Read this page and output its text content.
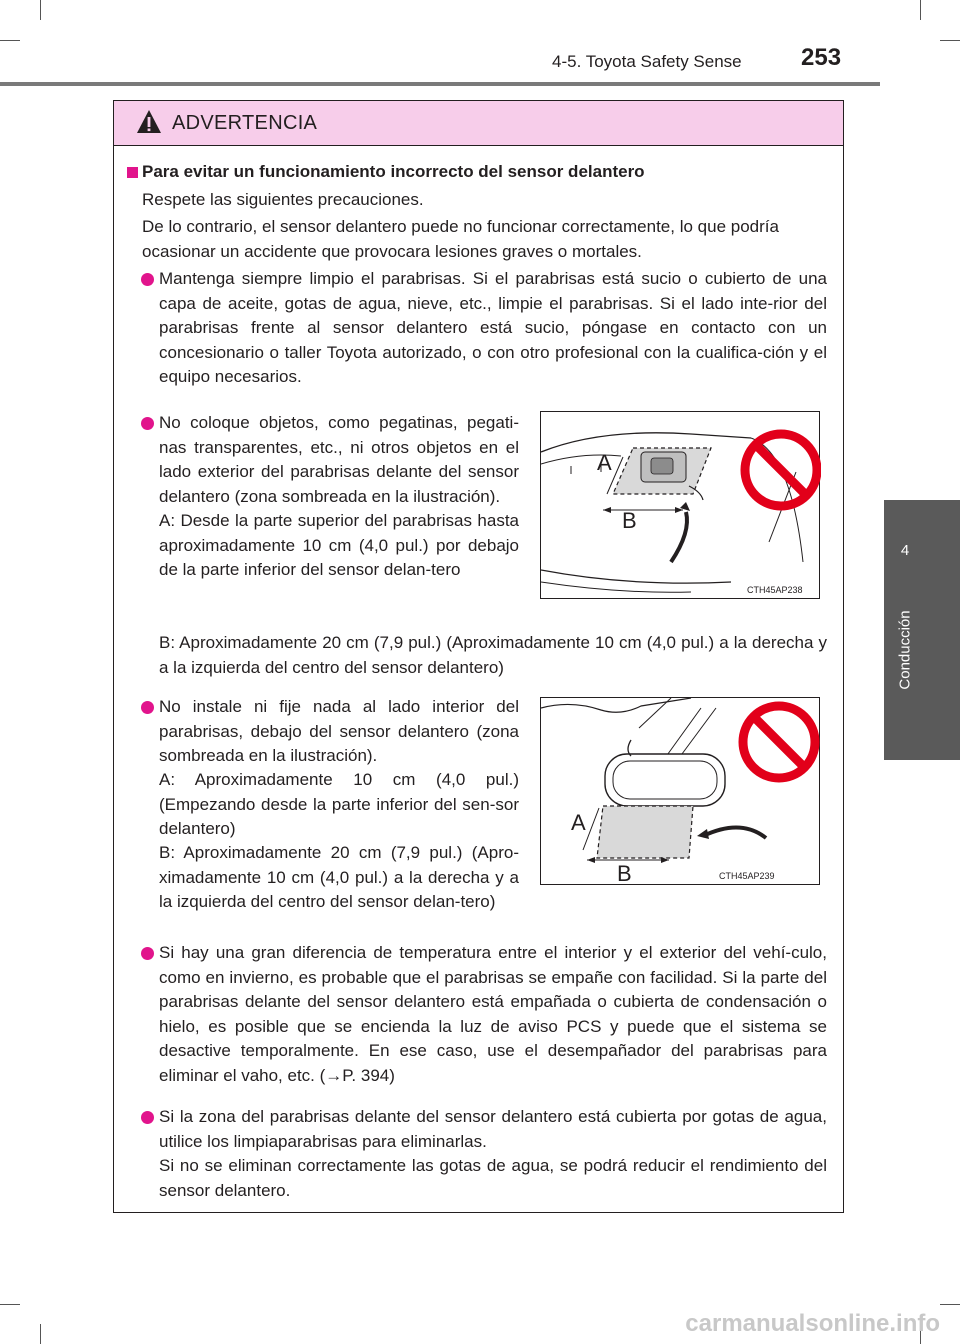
4-5. Toyota Safety Sense 253
4
Conducción
ADVERTENCIA
Para evitar un funcionamiento incorrecto del sensor delantero
Respete las siguientes precauciones.
De lo contrario, el sensor delantero puede no funcionar correctamente, lo que podría ocasionar un accidente que provocara lesiones graves o mortales.
Mantenga siempre limpio el parabrisas. Si el parabrisas está sucio o cubierto de una capa de aceite, gotas de agua, nieve, etc., limpie el parabrisas. Si el lado inte-rior del parabrisas frente al sensor delantero está sucio, póngase en contacto con un concesionario o taller Toyota autorizado, o con otro profesional con la cualifica-ción y el equipo necesarios.
No coloque objetos, como pegatinas, pegati-nas transparentes, etc., ni otros objetos en el lado exterior del parabrisas delante del sensor delantero (zona sombreada en la ilustración).
A: Desde la parte superior del parabrisas hasta aproximadamente 10 cm (4,0 pul.) por debajo de la parte inferior del sensor delan-tero
B: Aproximadamente 20 cm (7,9 pul.) (Aproximadamente 10 cm (4,0 pul.) a la derecha y a la izquierda del centro del sensor delantero)
No instale ni fije nada al lado interior del parabrisas, debajo del sensor delantero (zona sombreada en la ilustración).
A: Aproximadamente 10 cm (4,0 pul.) (Empezando desde la parte inferior del sen-sor delantero)
B: Aproximadamente 20 cm (7,9 pul.) (Apro-ximadamente 10 cm (4,0 pul.) a la derecha y a la izquierda del centro del sensor delan-tero)
Si hay una gran diferencia de temperatura entre el interior y el exterior del vehí-culo, como en invierno, es probable que el parabrisas se empañe con facilidad. Si la parte del parabrisas delante del sensor delantero está empañada o cubierta de condensación o hielo, es posible que se encienda la luz de aviso PCS y puede que el sistema se desactive temporalmente. En ese caso, use el desempañador del parabrisas para eliminar el vaho, etc. (→P. 394)
Si la zona del parabrisas delante del sensor delantero está cubierta por gotas de agua, utilice los limpiaparabrisas para eliminarlas.
Si no se eliminan correctamente las gotas de agua, se podrá reducir el rendimiento del sensor delantero.
A
B
CTH45AP238
A
B	CTH45AP239
carmanualsonline.info
